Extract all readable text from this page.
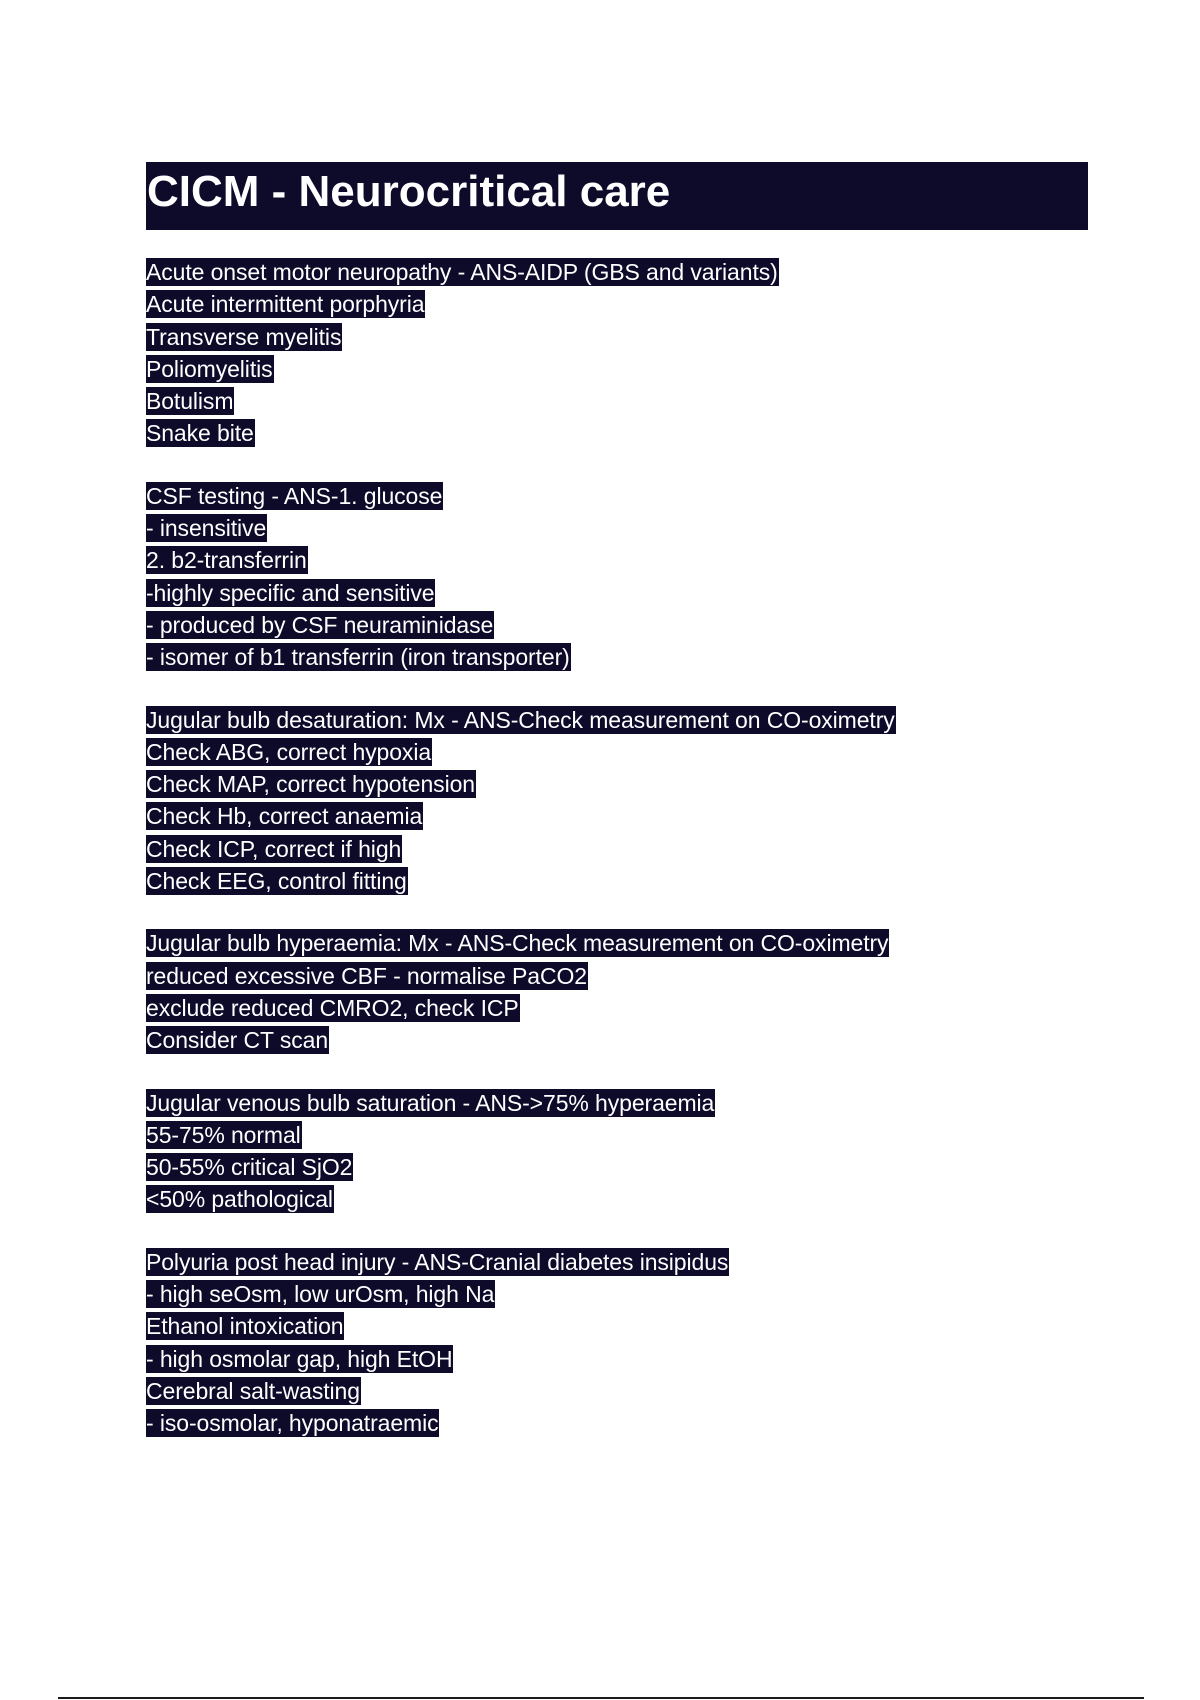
CICM - Neurocritical care
Acute onset motor neuropathy - ANS-AIDP (GBS and variants)
Acute intermittent porphyria
Transverse myelitis
Poliomyelitis
Botulism
Snake bite
CSF testing - ANS-1. glucose
- insensitive
2. b2-transferrin
-highly specific and sensitive
- produced by CSF neuraminidase
- isomer of b1 transferrin (iron transporter)
Jugular bulb desaturation: Mx - ANS-Check measurement on CO-oximetry
Check ABG, correct hypoxia
Check MAP, correct hypotension
Check Hb, correct anaemia
Check ICP, correct if high
Check EEG, control fitting
Jugular bulb hyperaemia: Mx - ANS-Check measurement on CO-oximetry
reduced excessive CBF - normalise PaCO2
exclude reduced CMRO2, check ICP
Consider CT scan
Jugular venous bulb saturation - ANS->75% hyperaemia
55-75% normal
50-55% critical SjO2
<50% pathological
Polyuria post head injury - ANS-Cranial diabetes insipidus
- high seOsm, low urOsm, high Na
Ethanol intoxication
- high osmolar gap, high EtOH
Cerebral salt-wasting
- iso-osmolar, hyponatraemic
